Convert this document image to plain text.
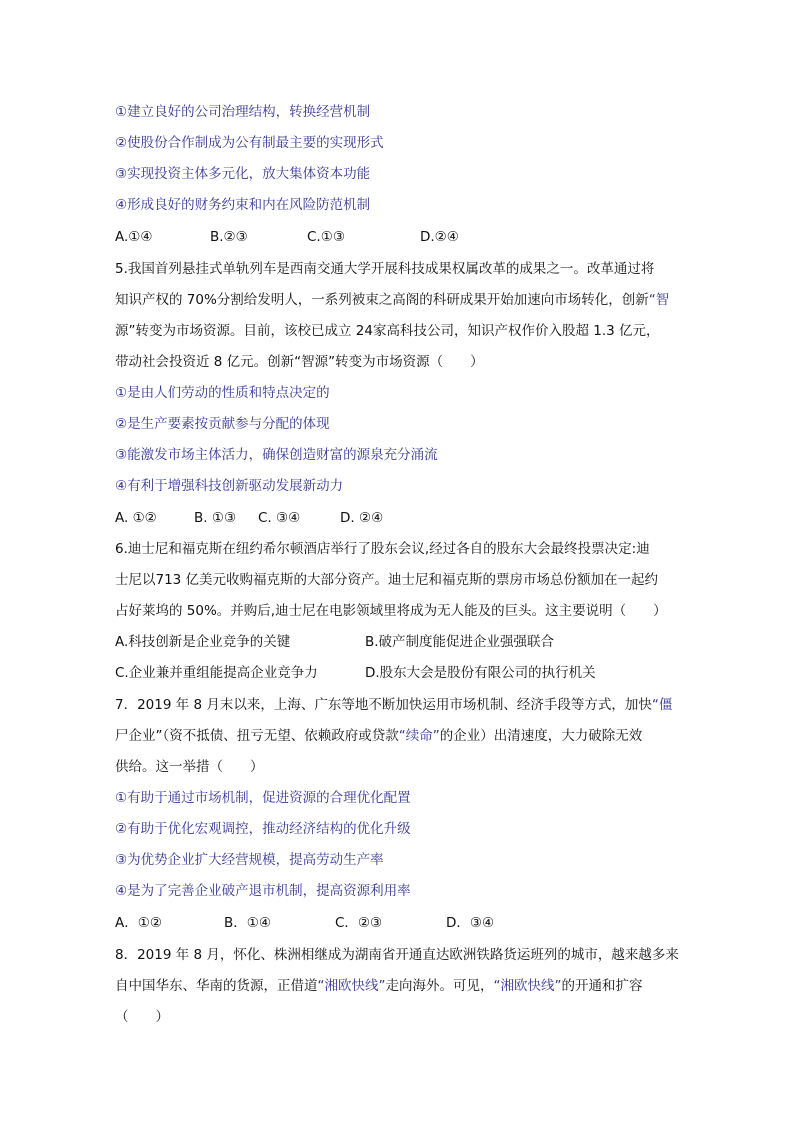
①建立良好的公司治理结构，转换经营机制
②使股份合作制成为公有制最主要的实现形式
③实现投资主体多元化，放大集体资本功能
④形成良好的财务约束和内在风险防范机制
A.①④	B.②③	C.①③	D.②④
5.我国首列悬挂式单轨列车是西南交通大学开展科技成果权属改革的成果之一。改革通过将
知识产权的 70%分割给发明人，一系列被束之高阁的科研成果开始加速向市场转化，创新“智
源”转变为市场资源。目前，该校已成立 24家高科技公司，知识产权作价入股超 1.3 亿元，
带动社会投资近 8 亿元。创新“智源”转变为市场资源（　　）
①是由人们劳动的性质和特点决定的
②是生产要素按贡献参与分配的体现
③能激发市场主体活力，确保创造财富的源泉充分涌流
④有利于增强科技创新驱动发展新动力
A. ①②	B. ①③ C. ③④	D. ②④
6.迪士尼和福克斯在纽约希尔顿酒店举行了股东会议,经过各自的股东大会最终投票决定:迪
士尼以713 亿美元收购福克斯的大部分资产。迪士尼和福克斯的票房市场总份额加在一起约
占好莱坞的 50%。并购后,迪士尼在电影领域里将成为无人能及的巨头。这主要说明（　　）
A.科技创新是企业竞争的关键	B.破产制度能促进企业强强联合
C.企业兼并重组能提高企业竞争力	D.股东大会是股份有限公司的执行机关
7．2019 年 8 月末以来，上海、广东等地不断加快运用市场机制、经济手段等方式，加快“僵
尸企业”（资不抵债、扭亏无望、依赖政府或贷款“续命”的企业）出清速度，大力破除无效
供给。这一举措（　　）
①有助于通过市场机制，促进资源的合理优化配置
②有助于优化宏观调控，推动经济结构的优化升级
③为优势企业扩大经营规模，提高劳动生产率
④是为了完善企业破产退市机制，提高资源利用率
A．①②	B．①④	C．②③	D．③④
8．2019 年 8 月，怀化、株洲相继成为湖南省开通直达欧洲铁路货运班列的城市，越来越多来
自中国华东、华南的货源，正借道“湘欧快线”走向海外。可见，“湘欧快线”的开通和扩容
（　　）
